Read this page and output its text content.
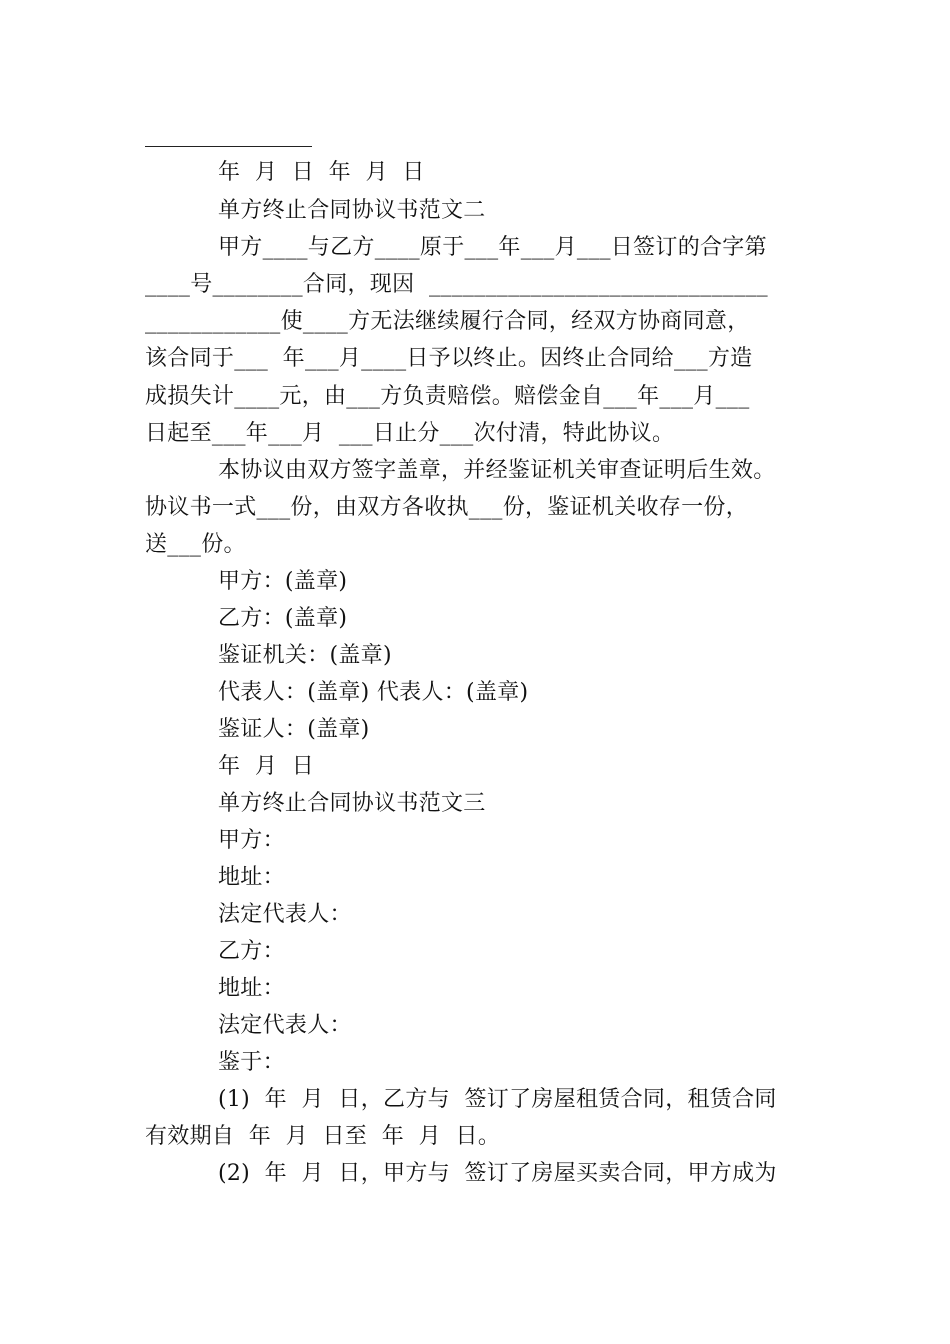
年  月  日  年  月  日
单方终止合同协议书范文二
甲方____与乙方____原于___年___月___日签订的合字第
____号________合同，现因  ______________________________
____________使____方无法继续履行合同，经双方协商同意，
该合同于___  年___月____日予以终止。因终止合同给___方造
成损失计____元，由___方负责赔偿。赔偿金自___年___月___
日起至___年___月  ___日止分___次付清，特此协议。
本协议由双方签字盖章，并经鉴证机关审查证明后生效。
协议书一式___份，由双方各收执___份，鉴证机关收存一份，
送___份。
甲方：(盖章)
乙方：(盖章)
鉴证机关：(盖章)
代表人：(盖章) 代表人：(盖章)
鉴证人：(盖章)
年  月  日
单方终止合同协议书范文三
甲方：
地址：
法定代表人：
乙方：
地址：
法定代表人：
鉴于：
(1)  年  月  日，乙方与  签订了房屋租赁合同，租赁合同
有效期自  年  月  日至  年  月  日。
(2)  年  月  日，甲方与  签订了房屋买卖合同，甲方成为
